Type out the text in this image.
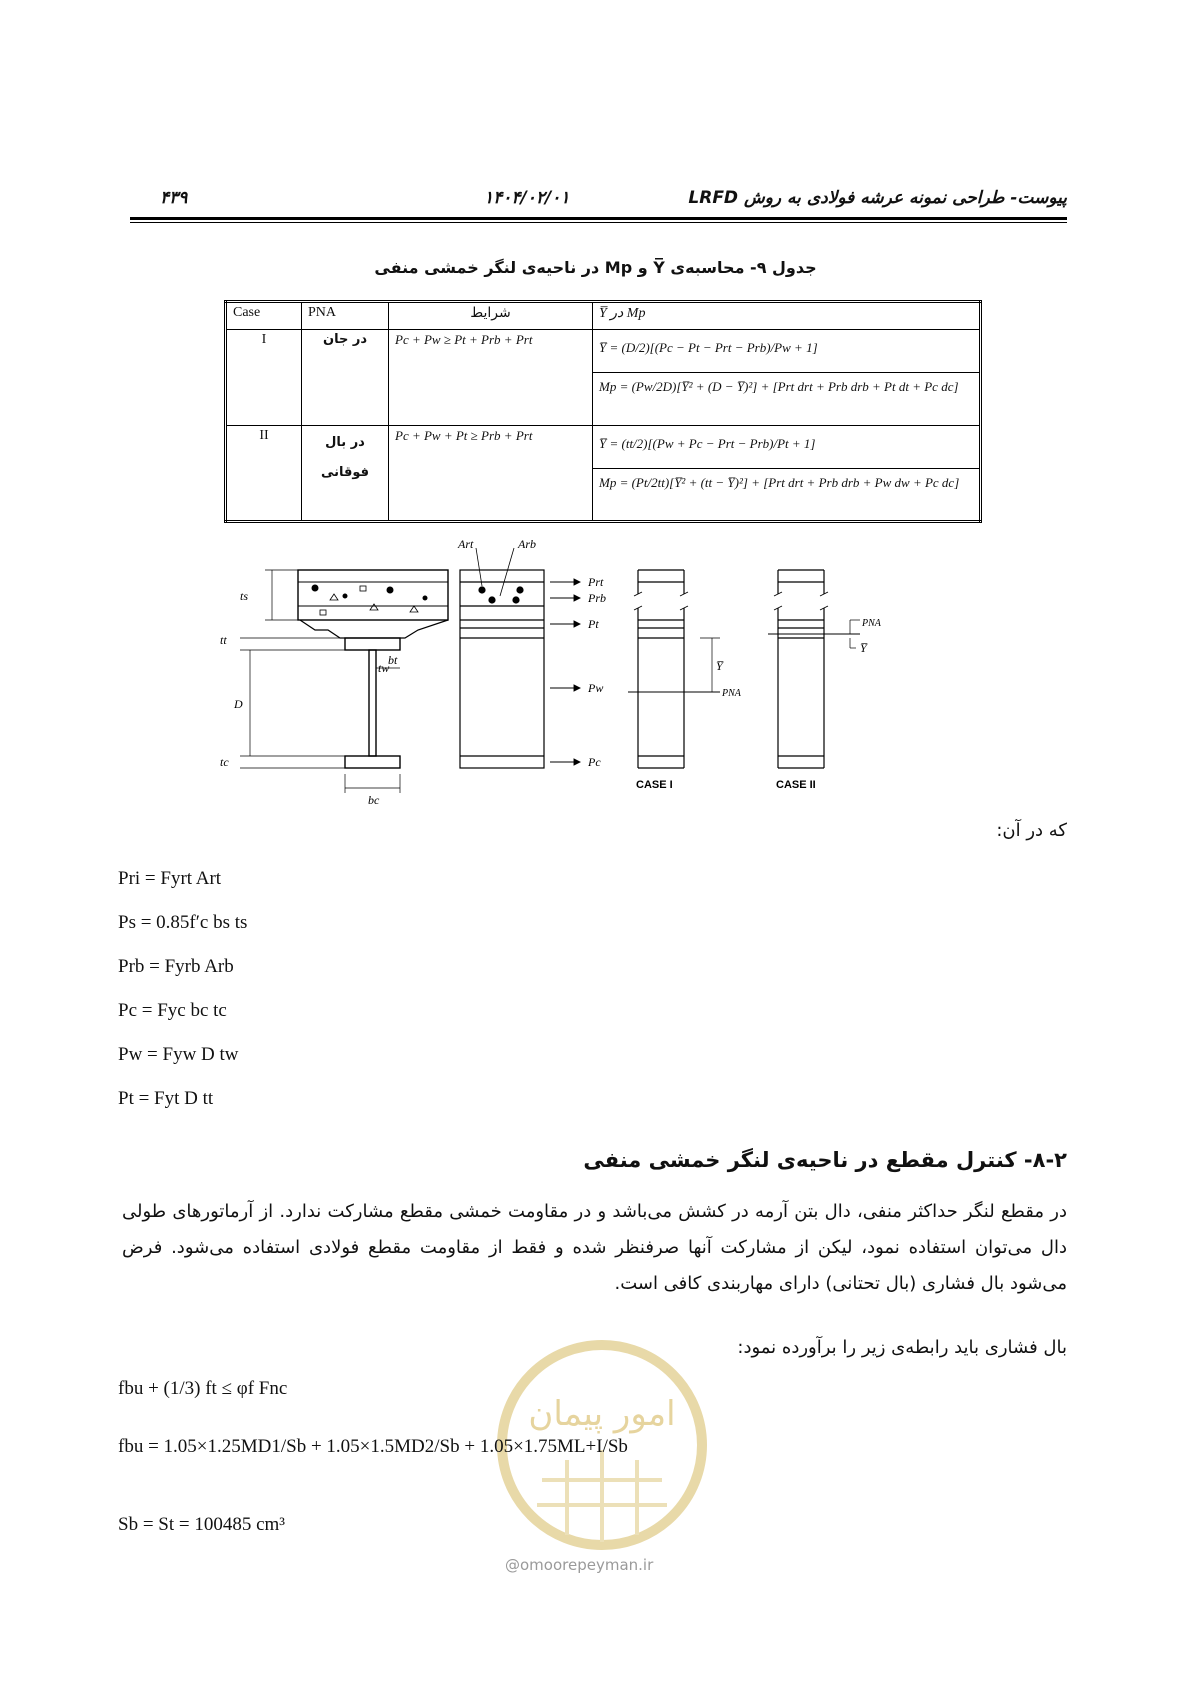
پیوست- طراحی نمونه عرشه فولادی به روش LRFD
۱۴۰۴/۰۲/۰۱
۴۳۹
جدول ۹- محاسبه‌ی Y̅ و Mp در ناحیه‌ی لنگر خمشی منفی
Case	PNA	شرایط	Y̅ در Mp
I	در جان	Pc + Pw ≥ Pt + Prb + Prt	Y̅ = (D/2)[(Pc − Pt − Prt − Prb)/Pw + 1]
Mp = (Pw/2D)[Y̅² + (D − Y̅)²] + [Prt drt + Prb drb + Pt dt + Pc dc]

II	در بال فوقانی	Pc + Pw + Pt ≥ Prb + Prt	Y̅ = (tt/2)[(Pw + Pc − Prt − Prb)/Pt + 1]
Mp = (Pt/2tt)[Y̅² + (tt − Y̅)²] + [Prt drt + Prb drb + Pw dw + Pc dc]
ts
tt
D
tc
bt
tw
bc
Art	Arb
Prt
Prb
Pt
Pw
Pc
Y̅
PNA
CASE I
PNA
Y̅
CASE II
که در آن:
Pri = Fyrt Art
Ps = 0.85f′c bs ts
Prb = Fyrb Arb
Pc = Fyc bc tc
Pw = Fyw D tw
Pt = Fyt D tt
۸-۲- کنترل مقطع در ناحیه‌ی لنگر خمشی منفی
در مقطع لنگر حداکثر منفی، دال بتن آرمه در کشش می‌باشد و در مقاومت خمشی مقطع مشارکت ندارد. از آرماتورهای طولی دال می‌توان استفاده نمود، لیکن از مشارکت آنها صرفنظر شده و فقط از مقاومت مقطع فولادی استفاده می‌شود. فرض می‌شود بال فشاری (بال تحتانی) دارای مهاربندی کافی است.
بال فشاری باید رابطه‌ی زیر را برآورده نمود:
امور پیمان
@omoorepeyman.ir
fbu + (1/3) ft ≤ φf Fnc
fbu = 1.05×1.25MD1/Sb + 1.05×1.5MD2/Sb + 1.05×1.75ML+I/Sb
Sb = St = 100485 cm³
